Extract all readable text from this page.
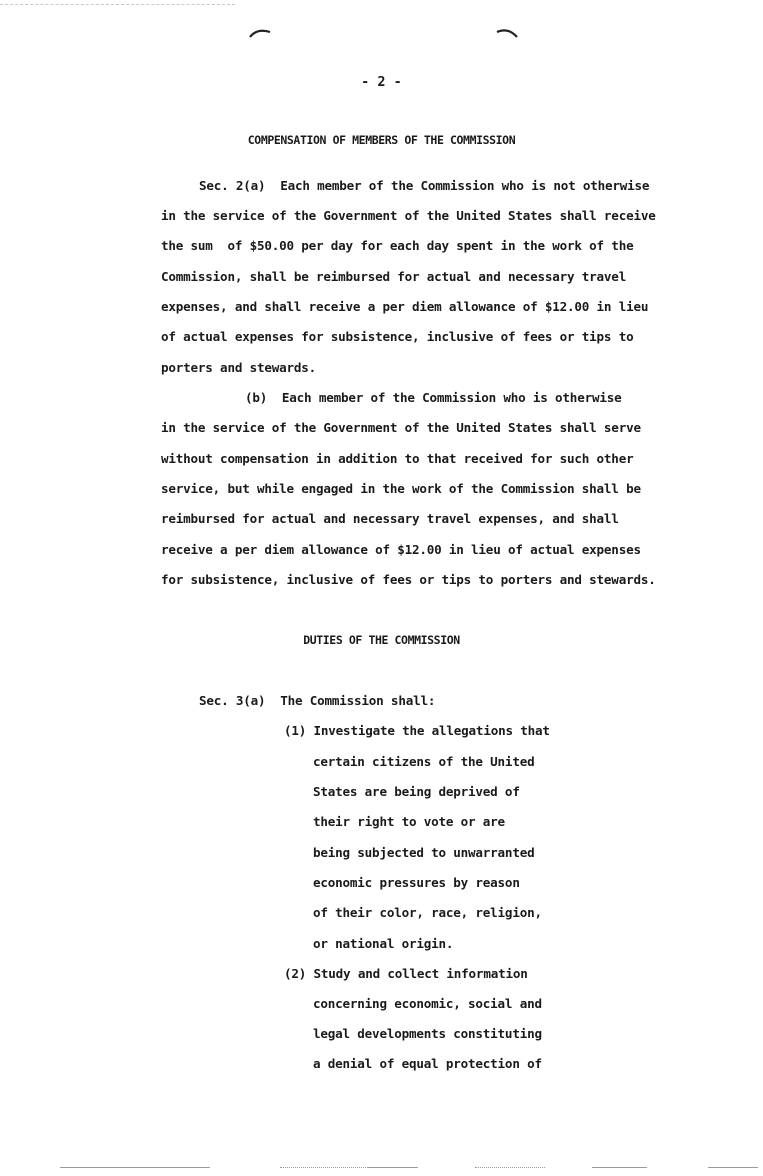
- 2 -
COMPENSATION OF MEMBERS OF THE COMMISSION
Sec. 2(a)  Each member of the Commission who is not otherwise
in the service of the Government of the United States shall receive
the sum  of $50.00 per day for each day spent in the work of the
Commission, shall be reimbursed for actual and necessary travel
expenses, and shall receive a per diem allowance of $12.00 in lieu
of actual expenses for subsistence, inclusive of fees or tips to
porters and stewards.
(b)  Each member of the Commission who is otherwise
in the service of the Government of the United States shall serve
without compensation in addition to that received for such other
service, but while engaged in the work of the Commission shall be
reimbursed for actual and necessary travel expenses, and shall
receive a per diem allowance of $12.00 in lieu of actual expenses
for subsistence, inclusive of fees or tips to porters and stewards.
DUTIES OF THE COMMISSION
Sec. 3(a)  The Commission shall:
(1) Investigate the allegations that
certain citizens of the United
States are being deprived of
their right to vote or are
being subjected to unwarranted
economic pressures by reason
of their color, race, religion,
or national origin.
(2) Study and collect information
concerning economic, social and
legal developments constituting
a denial of equal protection of
